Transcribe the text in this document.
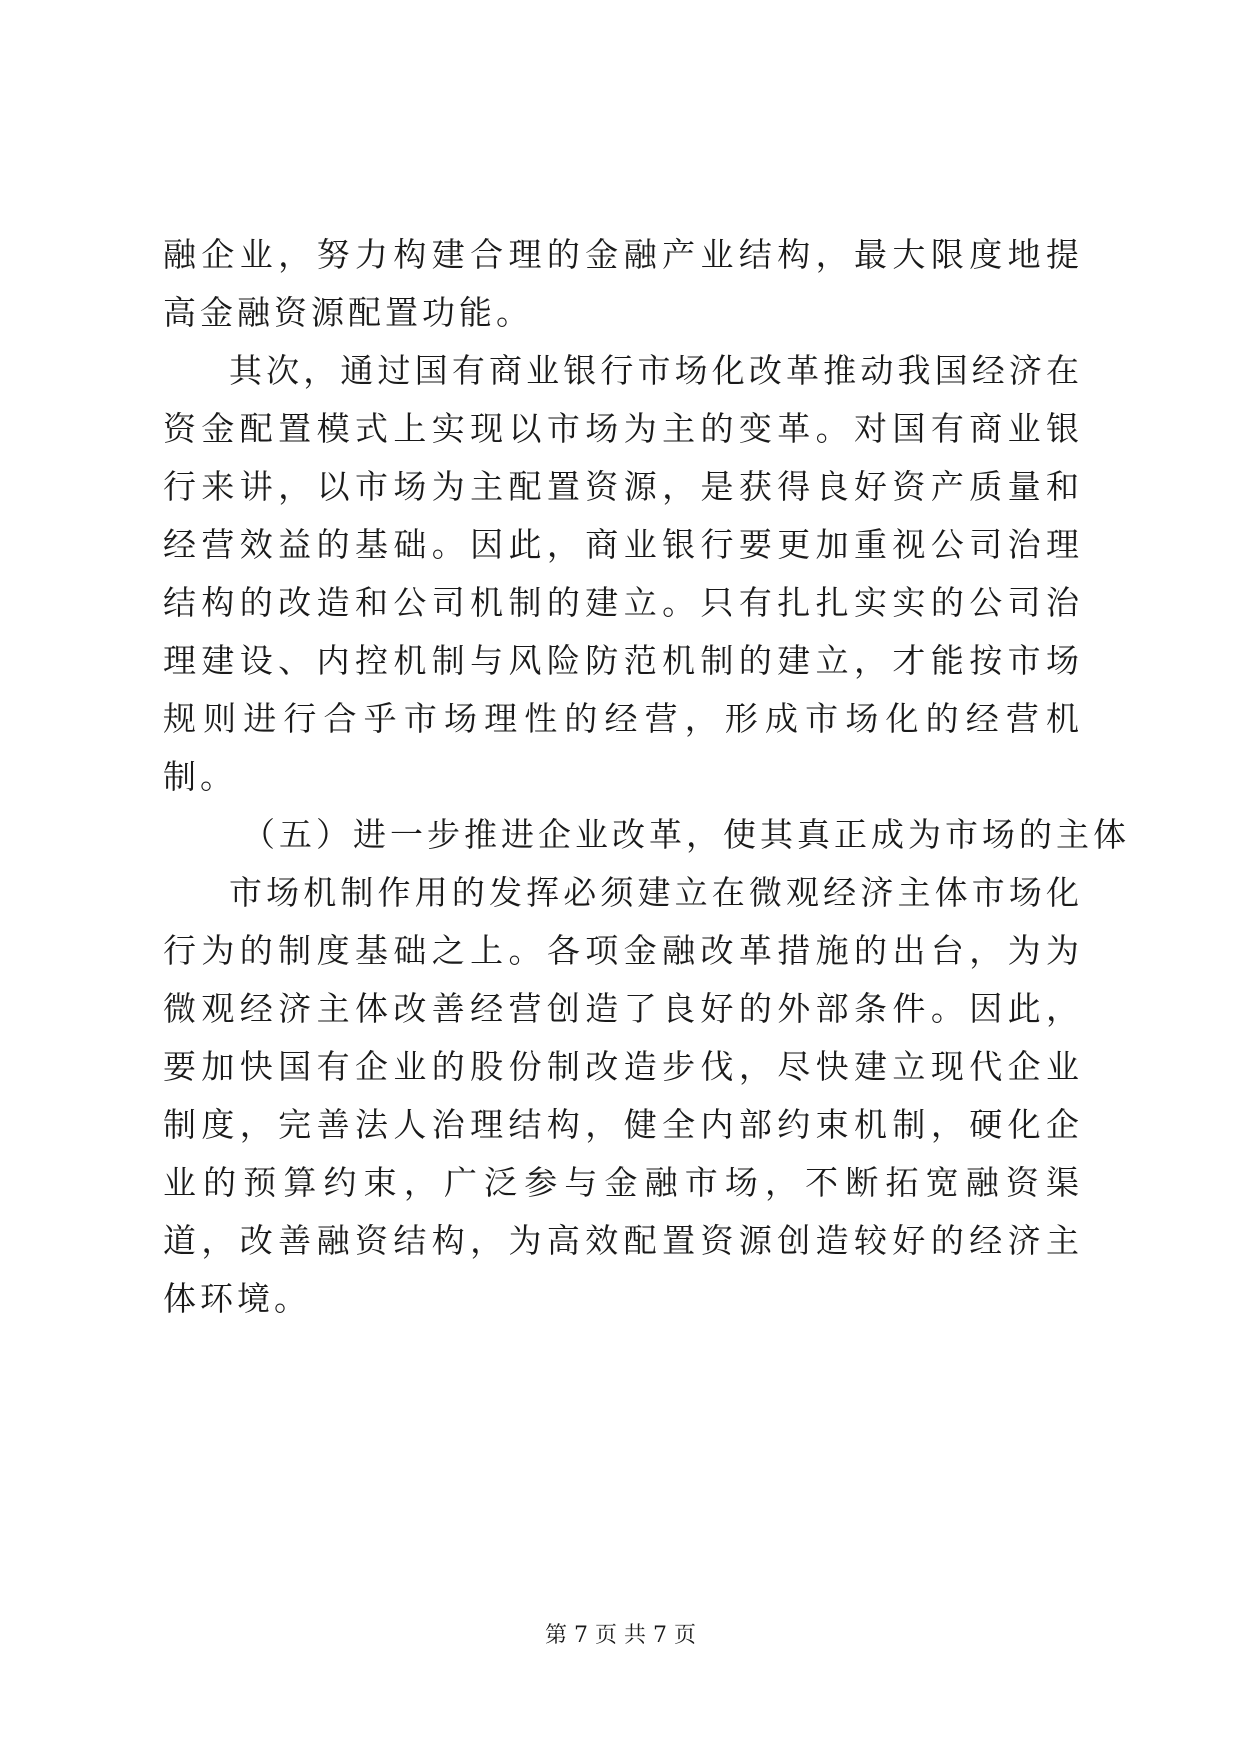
融企业，努力构建合理的金融产业结构，最大限度地提高金融资源配置功能。

其次，通过国有商业银行市场化改革推动我国经济在资金配置模式上实现以市场为主的变革。对国有商业银行来讲，以市场为主配置资源，是获得良好资产质量和经营效益的基础。因此，商业银行要更加重视公司治理结构的改造和公司机制的建立。只有扎扎实实的公司治理建设、内控机制与风险防范机制的建立，才能按市场规则进行合乎市场理性的经营，形成市场化的经营机制。

（五）进一步推进企业改革，使其真正成为市场的主体

市场机制作用的发挥必须建立在微观经济主体市场化行为的制度基础之上。各项金融改革措施的出台，为为微观经济主体改善经营创造了良好的外部条件。因此，要加快国有企业的股份制改造步伐，尽快建立现代企业制度，完善法人治理结构，健全内部约束机制，硬化企业的预算约束，广泛参与金融市场，不断拓宽融资渠道，改善融资结构，为高效配置资源创造较好的经济主体环境。

第 7 页 共 7 页
